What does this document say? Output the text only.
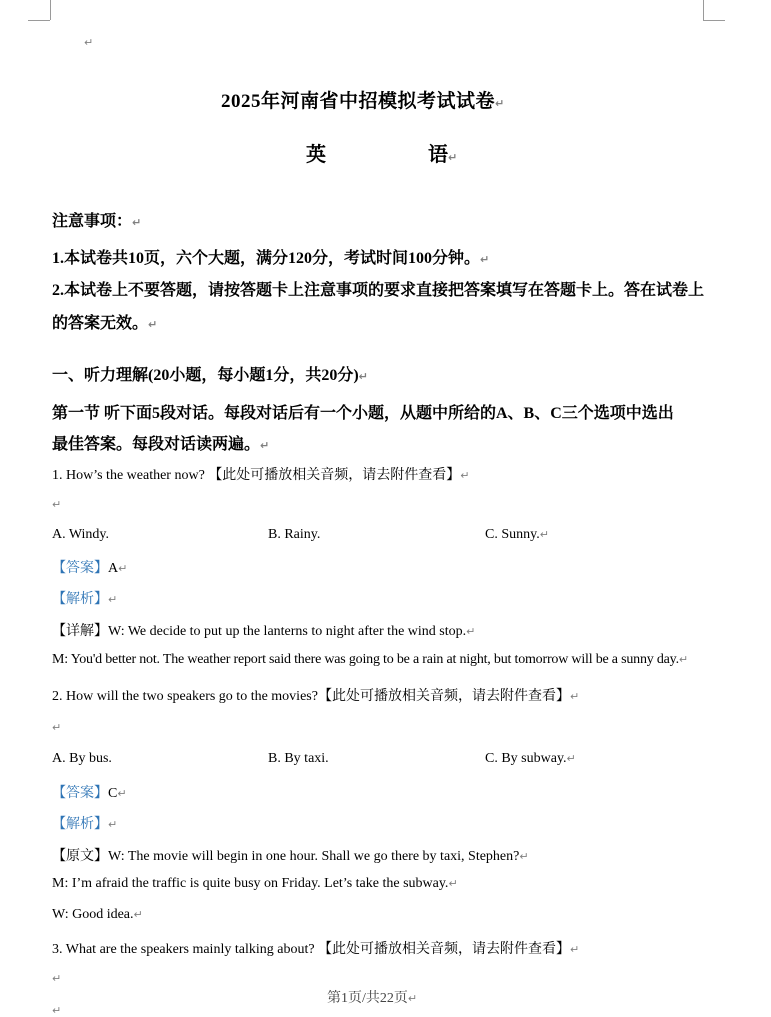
↵
2025年河南省中招模拟考试试卷↵
英	语↵
注意事项：↵
1.本试卷共10页，六个大题，满分120分，考试时间100分钟。↵
2.本试卷上不要答题，请按答题卡上注意事项的要求直接把答案填写在答题卡上。答在试卷上
的答案无效。↵
一、听力理解(20小题，每小题1分，共20分)↵
第一节 听下面5段对话。每段对话后有一个小题，从题中所给的A、B、C三个选项中选出
最佳答案。每段对话读两遍。↵
1. How’s the weather now? 【此处可播放相关音频，请去附件查看】↵
↵
A. Windy.	B. Rainy.	C. Sunny.↵
【答案】A↵
【解析】↵
【详解】W: We decide to put up the lanterns to night after the wind stop.↵
M: You'd better not. The weather report said there was going to be a rain at night, but tomorrow will be a sunny day.↵
2. How will the two speakers go to the movies?【此处可播放相关音频，请去附件查看】↵
↵
A. By bus.	B. By taxi.	C. By subway.↵
【答案】C↵
【解析】↵
【原文】W: The movie will begin in one hour. Shall we go there by taxi, Stephen?↵
M: I’m afraid the traffic is quite busy on Friday. Let’s take the subway.↵
W: Good idea.↵
3. What are the speakers mainly talking about? 【此处可播放相关音频，请去附件查看】↵
↵
第1页/共22页↵
↵
